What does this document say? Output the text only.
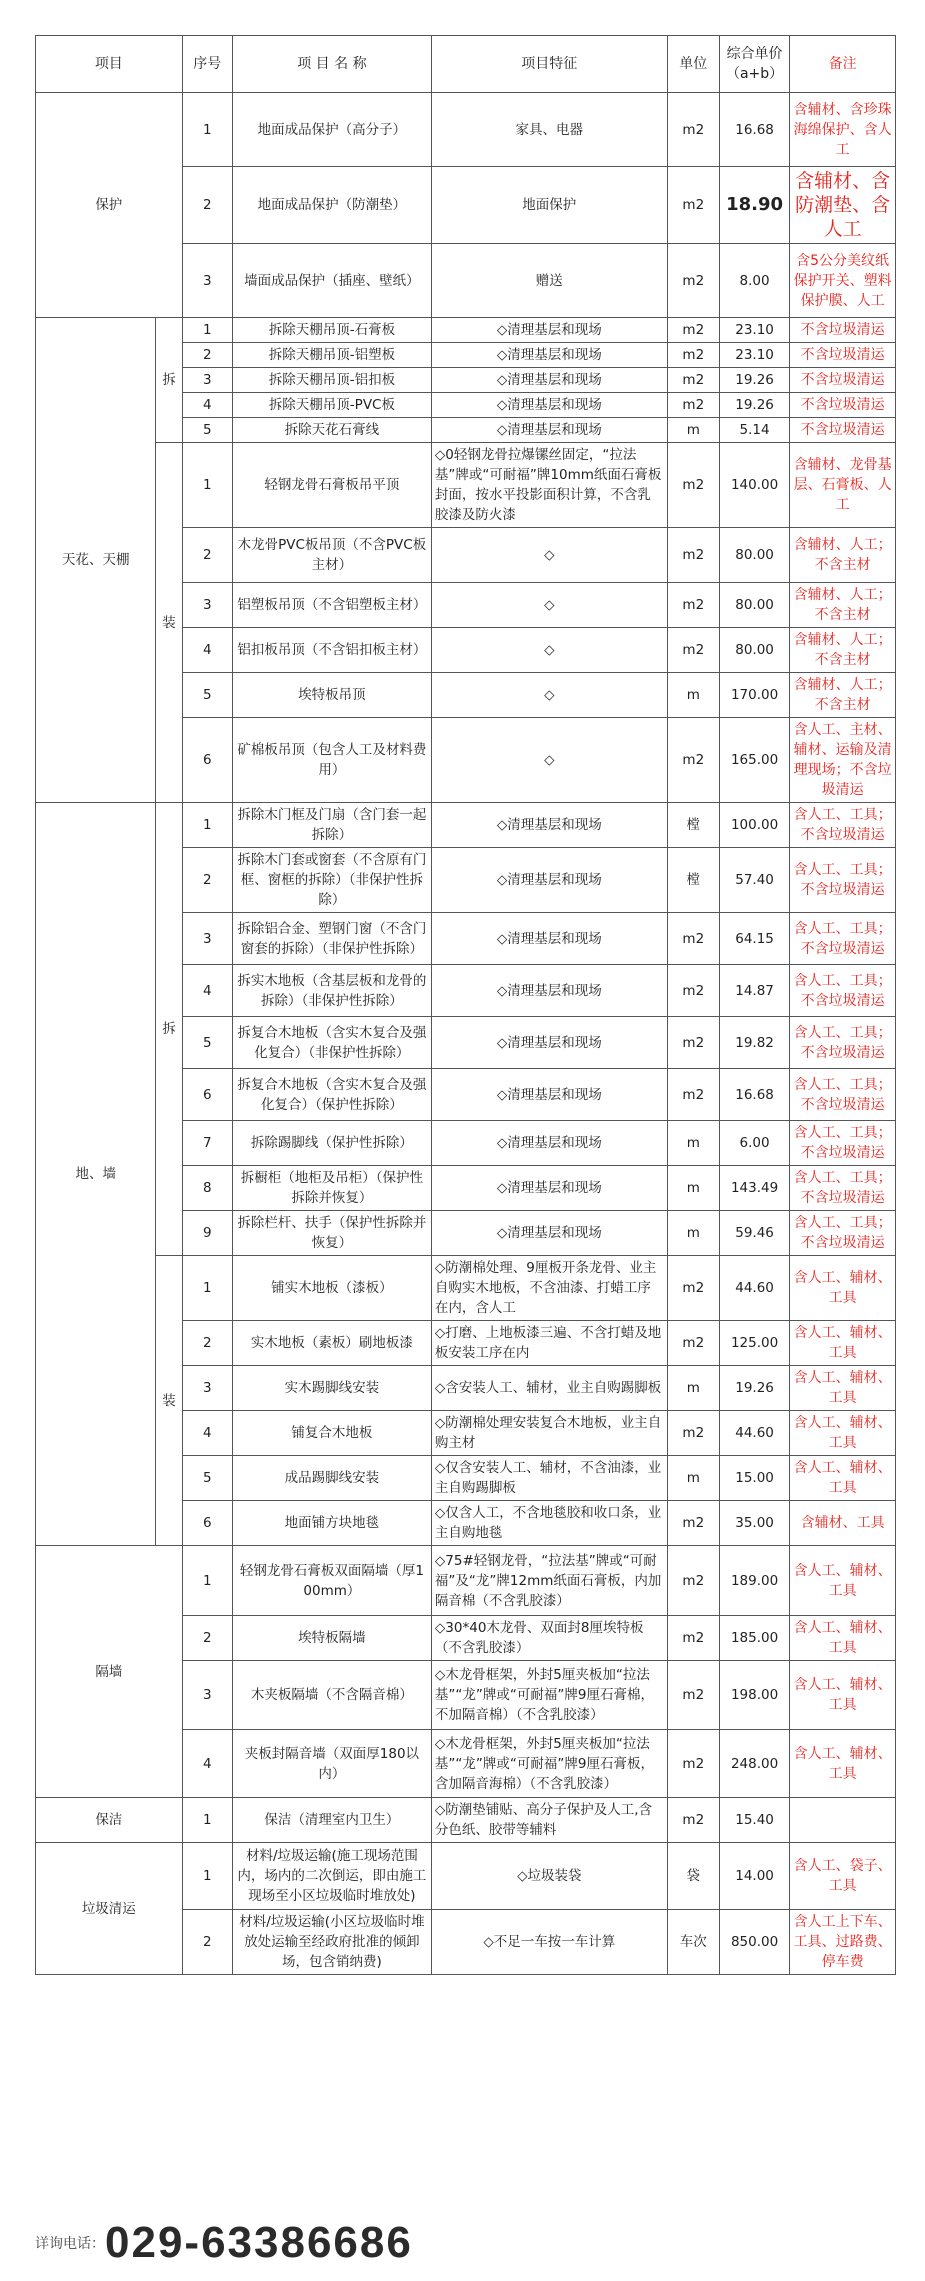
项目		序号	项 目 名 称	项目特征	单位	综合单价（a+b）	备注
保护		1	地面成品保护（高分子）	家具、电器	m2	16.68	含辅材、含珍珠海绵保护、含人工
		2	地面成品保护（防潮垫）	地面保护	m2	18.90	含辅材、含防潮垫、含人工
		3	墙面成品保护（插座、壁纸）	赠送	m2	8.00	含5公分美纹纸保护开关、塑料保护膜、人工
天花、天棚	拆	1	拆除天棚吊顶-石膏板	◇清理基层和现场	m2	23.10	不含垃圾清运
		2	拆除天棚吊顶-铝塑板	◇清理基层和现场	m2	23.10	不含垃圾清运
		3	拆除天棚吊顶-铝扣板	◇清理基层和现场	m2	19.26	不含垃圾清运
		4	拆除天棚吊顶-PVC板	◇清理基层和现场	m2	19.26	不含垃圾清运
		5	拆除天花石膏线	◇清理基层和现场	m	5.14	不含垃圾清运
	装	1	轻钢龙骨石膏板吊平顶	◇0轻钢龙骨拉爆镙丝固定，“拉法基”牌或“可耐福”牌10mm纸面石膏板封面，按水平投影面积计算，不含乳胶漆及防火漆	m2	140.00	含辅材、龙骨基层、石膏板、人工
		2	木龙骨PVC板吊顶（不含PVC板主材）	◇	m2	80.00	含辅材、人工；不含主材
		3	铝塑板吊顶（不含铝塑板主材）	◇	m2	80.00	含辅材、人工；不含主材
		4	铝扣板吊顶（不含铝扣板主材）	◇	m2	80.00	含辅材、人工；不含主材
		5	埃特板吊顶	◇	m	170.00	含辅材、人工；不含主材
		6	矿棉板吊顶（包含人工及材料费用）	◇	m2	165.00	含人工、主材、辅材、运输及清理现场；不含垃圾清运
地、墙	拆	1	拆除木门框及门扇（含门套一起拆除）	◇清理基层和现场	樘	100.00	含人工、工具；不含垃圾清运
		2	拆除木门套或窗套（不含原有门框、窗框的拆除）（非保护性拆除）	◇清理基层和现场	樘	57.40	含人工、工具；不含垃圾清运
		3	拆除铝合金、塑钢门窗（不含门窗套的拆除）（非保护性拆除）	◇清理基层和现场	m2	64.15	含人工、工具；不含垃圾清运
		4	拆实木地板（含基层板和龙骨的拆除）（非保护性拆除）	◇清理基层和现场	m2	14.87	含人工、工具；不含垃圾清运
		5	拆复合木地板（含实木复合及强化复合）（非保护性拆除）	◇清理基层和现场	m2	19.82	含人工、工具；不含垃圾清运
		6	拆复合木地板（含实木复合及强化复合）（保护性拆除）	◇清理基层和现场	m2	16.68	含人工、工具；不含垃圾清运
		7	拆除踢脚线（保护性拆除）	◇清理基层和现场	m	6.00	含人工、工具；不含垃圾清运
		8	拆橱柜（地柜及吊柜）（保护性拆除并恢复）	◇清理基层和现场	m	143.49	含人工、工具；不含垃圾清运
		9	拆除栏杆、扶手（保护性拆除并恢复）	◇清理基层和现场	m	59.46	含人工、工具；不含垃圾清运
	装	1	铺实木地板（漆板）	◇防潮棉处理、9厘板开条龙骨、业主自购实木地板，不含油漆、打蜡工序在内，含人工	m2	44.60	含人工、辅材、工具
		2	实木地板（素板）刷地板漆	◇打磨、上地板漆三遍、不含打蜡及地板安装工序在内	m2	125.00	含人工、辅材、工具
		3	实木踢脚线安装	◇含安装人工、辅材，业主自购踢脚板	m	19.26	含人工、辅材、工具
		4	铺复合木地板	◇防潮棉处理安装复合木地板，业主自购主材	m2	44.60	含人工、辅材、工具
		5	成品踢脚线安装	◇仅含安装人工、辅材，不含油漆，业主自购踢脚板	m	15.00	含人工、辅材、工具
		6	地面铺方块地毯	◇仅含人工，不含地毯胶和收口条，业主自购地毯	m2	35.00	含辅材、工具
隔墙		1	轻钢龙骨石膏板双面隔墙（厚100mm）	◇75#轻钢龙骨，“拉法基”牌或“可耐福”及“龙”牌12mm纸面石膏板，内加隔音棉（不含乳胶漆）	m2	189.00	含人工、辅材、工具
		2	埃特板隔墙	◇30*40木龙骨、双面封8厘埃特板（不含乳胶漆）	m2	185.00	含人工、辅材、工具
		3	木夹板隔墙（不含隔音棉）	◇木龙骨框架，外封5厘夹板加“拉法基”“龙”牌或“可耐福”牌9厘石膏棉，不加隔音棉）（不含乳胶漆）	m2	198.00	含人工、辅材、工具
		4	夹板封隔音墙（双面厚180以内）	◇木龙骨框架，外封5厘夹板加“拉法基”“龙”牌或“可耐福”牌9厘石膏板，含加隔音海棉）（不含乳胶漆）	m2	248.00	含人工、辅材、工具
保洁		1	保洁（清理室内卫生）	◇防潮垫铺贴、高分子保护及人工,含分色纸、胶带等辅料	m2	15.40	
垃圾清运		1	材料/垃圾运输(施工现场范围内，场内的二次倒运，即由施工现场至小区垃圾临时堆放处)	◇垃圾装袋	袋	14.00	含人工、袋子、工具
		2	材料/垃圾运输(小区垃圾临时堆放处运输至经政府批准的倾卸场，包含销纳费)	◇不足一车按一车计算	车次	850.00	含人工上下车、工具、过路费、停车费
详询电话：029-63386686
